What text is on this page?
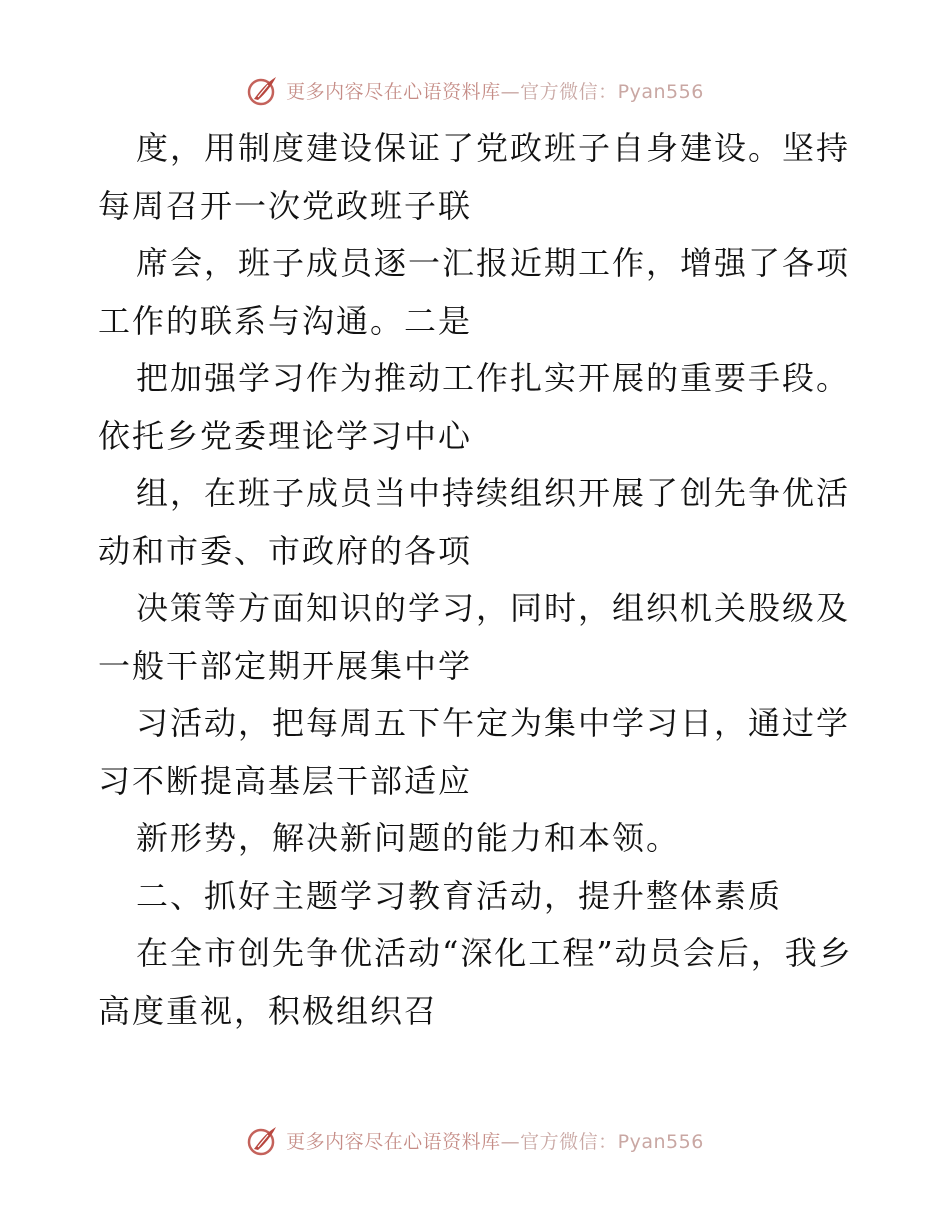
更多内容尽在心语资料库—官方微信：Pyan556

度，用制度建设保证了党政班子自身建设。坚持每周召开一次党政班子联

席会，班子成员逐一汇报近期工作，增强了各项工作的联系与沟通。二是

把加强学习作为推动工作扎实开展的重要手段。依托乡党委理论学习中心

组，在班子成员当中持续组织开展了创先争优活动和市委、市政府的各项

决策等方面知识的学习，同时，组织机关股级及一般干部定期开展集中学

习活动，把每周五下午定为集中学习日，通过学习不断提高基层干部适应

新形势，解决新问题的能力和本领。

二、抓好主题学习教育活动，提升整体素质

在全市创先争优活动“深化工程”动员会后，我乡高度重视，积极组织召

更多内容尽在心语资料库—官方微信：Pyan556
